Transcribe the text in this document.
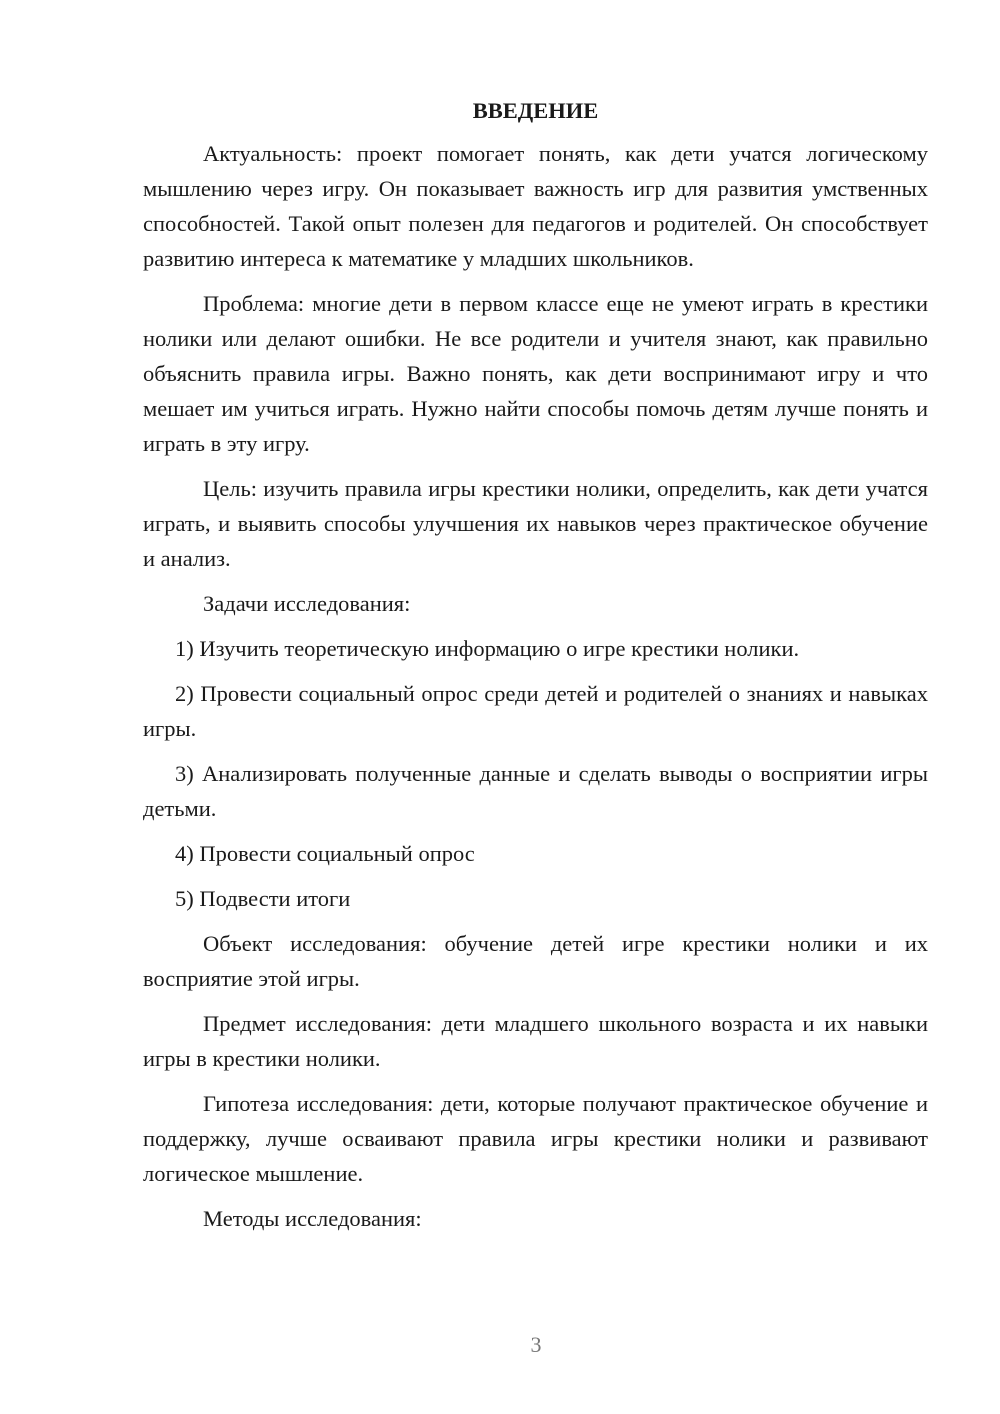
ВВЕДЕНИЕ

Актуальность: проект помогает понять, как дети учатся логическому мышлению через игру. Он показывает важность игр для развития умственных способностей. Такой опыт полезен для педагогов и родителей. Он способствует развитию интереса к математике у младших школьников.

Проблема: многие дети в первом классе еще не умеют играть в крестики нолики или делают ошибки. Не все родители и учителя знают, как правильно объяснить правила игры. Важно понять, как дети воспринимают игру и что мешает им учиться играть. Нужно найти способы помочь детям лучше понять и играть в эту игру.

Цель: изучить правила игры крестики нолики, определить, как дети учатся играть, и выявить способы улучшения их навыков через практическое обучение и анализ.

Задачи исследования:

1) Изучить теоретическую информацию о игре крестики нолики.

2) Провести социальный опрос среди детей и родителей о знаниях и навыках игры.

3) Анализировать полученные данные и сделать выводы о восприятии игры детьми.

4) Провести социальный опрос

5) Подвести итоги

Объект исследования: обучение детей игре крестики нолики и их восприятие этой игры.

Предмет исследования: дети младшего школьного возраста и их навыки игры в крестики нолики.

Гипотеза исследования: дети, которые получают практическое обучение и поддержку, лучше осваивают правила игры крестики нолики и развивают логическое мышление.

Методы исследования:

3
